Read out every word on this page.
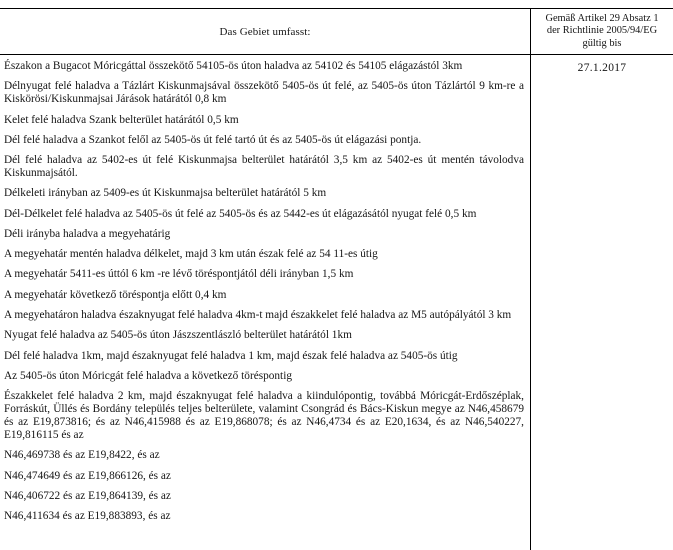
Das Gebiet umfasst:
Gemäß Artikel 29 Absatz 1
der Richtlinie 2005/94/EG
gültig bis

Északon a Bugacot Móricgáttal összekötő 54105-ös úton haladva az 54102 és 54105 elágazástól 3km

Délnyugat felé haladva a Tázlárt Kiskunmajsával összekötő 5405-ös út felé, az 5405-ös úton Tázlártól 9 km-re a Kiskörösi/Kiskunmajsai Járások határától 0,8 km

Kelet felé haladva Szank belterület határától 0,5 km

Dél felé haladva a Szankot felől az 5405-ös út felé tartó út és az 5405-ös út elágazási pontja.

Dél felé haladva az 5402-es út felé Kiskunmajsa belterület határától 3,5 km az 5402-es út mentén távolodva Kiskunmajsától.

Délkeleti irányban az 5409-es út Kiskunmajsa belterület határától 5 km

Dél-Délkelet felé haladva az 5405-ös út felé az 5405-ös és az 5442-es út elágazásától nyugat felé 0,5 km

Déli irányba haladva a megyehatárig

A megyehatár mentén haladva délkelet, majd 3 km után észak felé az 54 11-es útig

A megyehatár 5411-es úttól 6 km -re lévő töréspontjától déli irányban 1,5 km

A megyehatár következő töréspontja előtt 0,4 km

A megyehatáron haladva északnyugat felé haladva 4km-t majd északkelet felé haladva az M5 autópályától 3 km

Nyugat felé haladva az 5405-ös úton Jászszentlászló belterület határától 1km

Dél felé haladva 1km, majd északnyugat felé haladva 1 km, majd észak felé haladva az 5405-ös útig

Az 5405-ös úton Móricgát felé haladva a következő töréspontig

Északkelet felé haladva 2 km, majd északnyugat felé haladva a kiindulópontig, továbbá Móricgát-Erdőszéplak, Forráskút, Üllés és Bordány település teljes belterülete, valamint Csongrád és Bács-Kiskun megye az N46,458679 és az E19,873816; és az N46,415988 és az E19,868078; és az N46,4734 és az E20,1634, és az N46,540227, E19,816115 és az

N46,469738 és az E19,8422, és az

N46,474649 és az E19,866126, és az

N46,406722 és az E19,864139, és az

N46,411634 és az E19,883893, és az

27.1.2017
